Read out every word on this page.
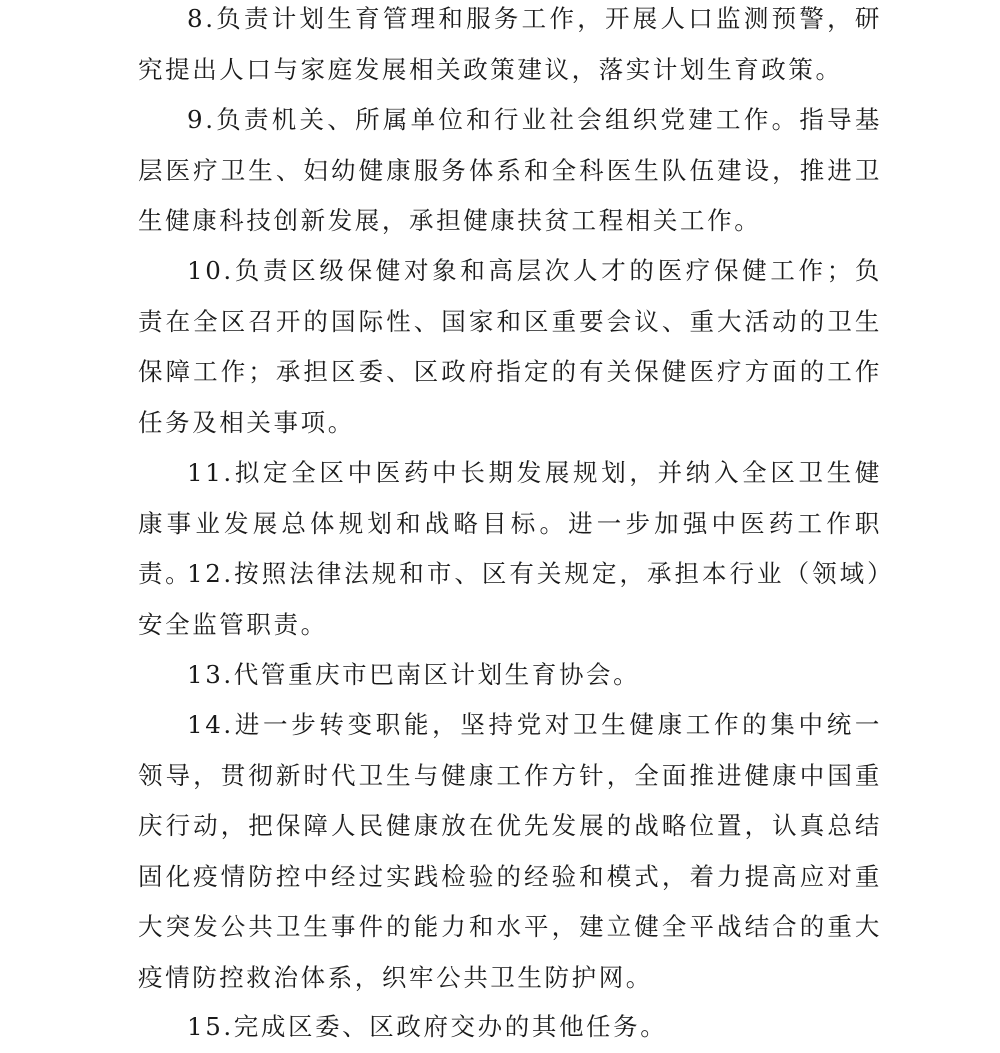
8.负责计划生育管理和服务工作，开展人口监测预警，研究提出人口与家庭发展相关政策建议，落实计划生育政策。

9.负责机关、所属单位和行业社会组织党建工作。指导基层医疗卫生、妇幼健康服务体系和全科医生队伍建设，推进卫生健康科技创新发展，承担健康扶贫工程相关工作。

10.负责区级保健对象和高层次人才的医疗保健工作；负责在全区召开的国际性、国家和区重要会议、重大活动的卫生保障工作；承担区委、区政府指定的有关保健医疗方面的工作任务及相关事项。

11.拟定全区中医药中长期发展规划，并纳入全区卫生健康事业发展总体规划和战略目标。进一步加强中医药工作职责。

12.按照法律法规和市、区有关规定，承担本行业（领域）安全监管职责。

13.代管重庆市巴南区计划生育协会。

14.进一步转变职能，坚持党对卫生健康工作的集中统一领导，贯彻新时代卫生与健康工作方针，全面推进健康中国重庆行动，把保障人民健康放在优先发展的战略位置，认真总结固化疫情防控中经过实践检验的经验和模式，着力提高应对重大突发公共卫生事件的能力和水平，建立健全平战结合的重大疫情防控救治体系，织牢公共卫生防护网。

15.完成区委、区政府交办的其他任务。
